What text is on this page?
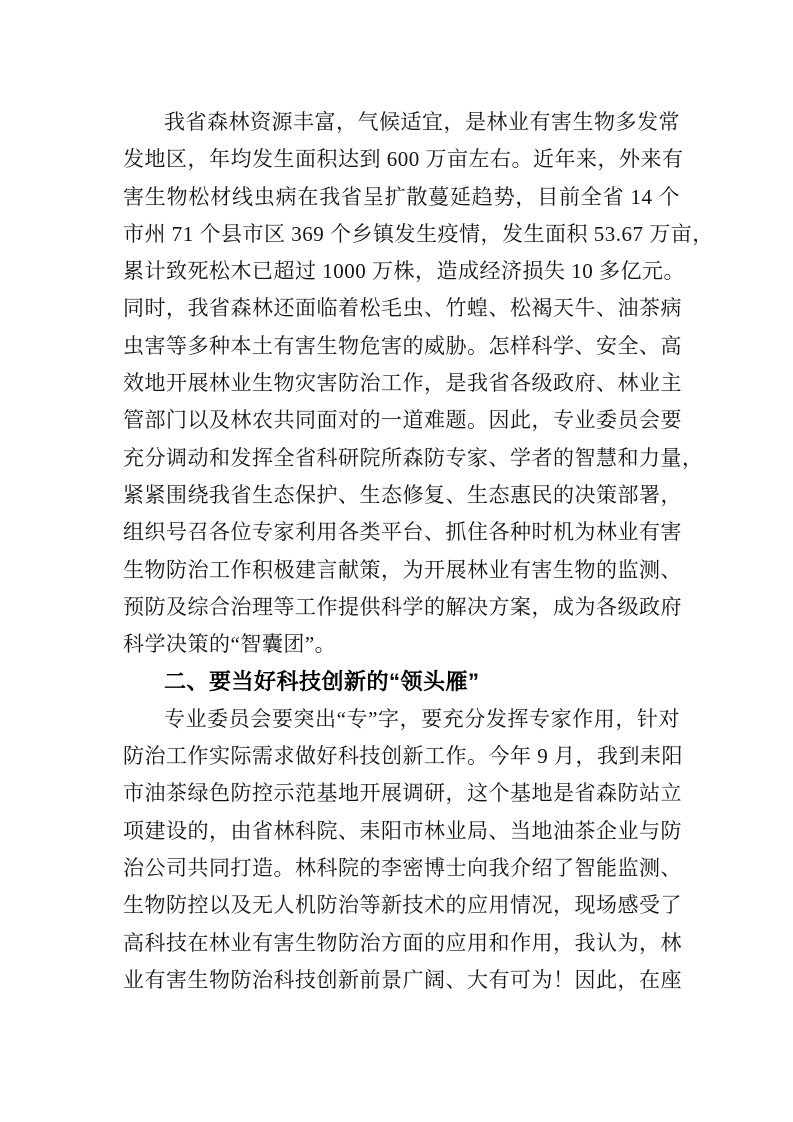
我省森林资源丰富，气候适宜，是林业有害生物多发常
发地区，年均发生面积达到 600 万亩左右。近年来，外来有
害生物松材线虫病在我省呈扩散蔓延趋势，目前全省 14 个
市州 71 个县市区 369 个乡镇发生疫情，发生面积 53.67 万亩，
累计致死松木已超过 1000 万株，造成经济损失 10 多亿元。
同时，我省森林还面临着松毛虫、竹蝗、松褐天牛、油茶病
虫害等多种本土有害生物危害的威胁。怎样科学、安全、高
效地开展林业生物灾害防治工作，是我省各级政府、林业主
管部门以及林农共同面对的一道难题。因此，专业委员会要
充分调动和发挥全省科研院所森防专家、学者的智慧和力量，
紧紧围绕我省生态保护、生态修复、生态惠民的决策部署，
组织号召各位专家利用各类平台、抓住各种时机为林业有害
生物防治工作积极建言献策，为开展林业有害生物的监测、
预防及综合治理等工作提供科学的解决方案，成为各级政府
科学决策的“智囊团”。
二、要当好科技创新的“领头雁”
专业委员会要突出“专”字，要充分发挥专家作用，针对
防治工作实际需求做好科技创新工作。今年 9 月，我到耒阳
市油茶绿色防控示范基地开展调研，这个基地是省森防站立
项建设的，由省林科院、耒阳市林业局、当地油茶企业与防
治公司共同打造。林科院的李密博士向我介绍了智能监测、
生物防控以及无人机防治等新技术的应用情况，现场感受了
高科技在林业有害生物防治方面的应用和作用，我认为，林
业有害生物防治科技创新前景广阔、大有可为！因此，在座
